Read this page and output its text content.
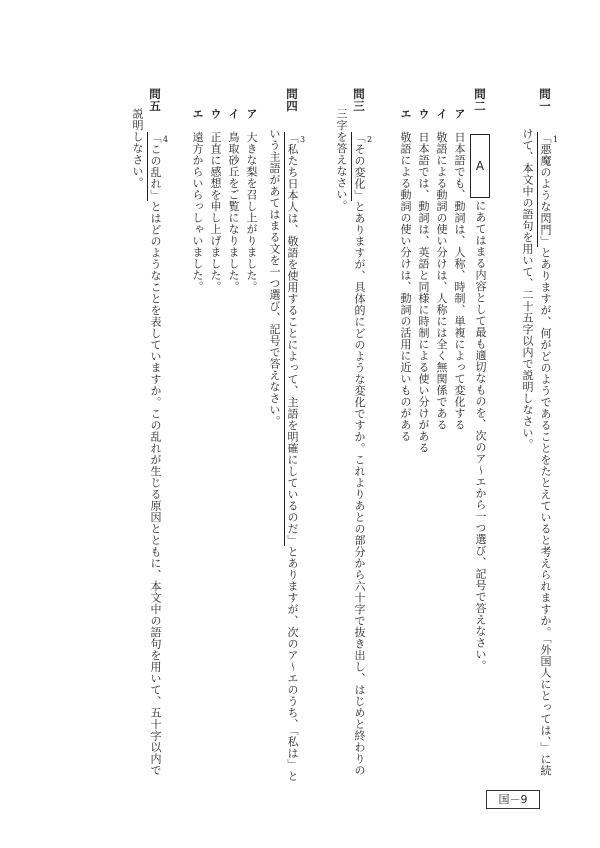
問一
1
「悪魔のような閃門」とありますが、何がどのようであることをたとえていると考えられますか。「外国人にとっては、」に続
けて、本文中の語句を用いて、二十五字以内で説明しなさい。
問二Aにあてはまる内容として最も適切なものを、次のア～エから一つ選び、記号で答えなさい。
ア日本語でも、動詞は、人称、時制、単複によって変化する
イ敬語による動詞の使い分けは、人称には全く無関係である
ウ日本語では、動詞は、英語と同様に時制による使い分けがある
エ敬語による動詞の使い分けは、動詞の活用に近いものがある
問三
2
「その変化」とありますが、具体的にどのような変化ですか。これよりあとの部分から六十字で抜き出し、はじめと終わりの
三字を答えなさい。
問四
3
「私たち日本人は、敬語を使用することによって、主語を明確にしているのだ」とありますが、次のア～エのうち、「私は」と
いう主語があてはまる文を一つ選び、記号で答えなさい。
ア大きな梨を召し上がりました。
イ鳥取砂丘をご覧になりました。
ウ正直に感想を申し上げました。
エ遠方からいらっしゃいました。
問五
4
「この乱れ」とはどのようなことを表していますか。この乱れが生じる原因とともに、本文中の語句を用いて、五十字以内で
説明しなさい。
国－9
